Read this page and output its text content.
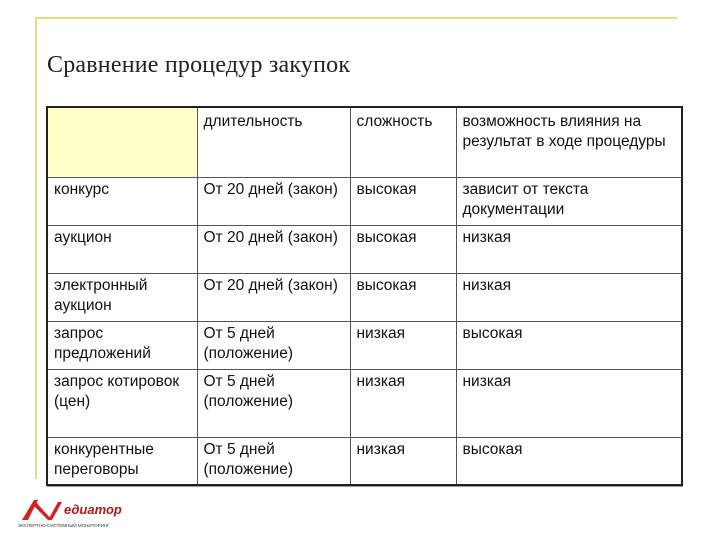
Сравнение процедур закупок
	длительность	сложность	возможность влияния на результат в ходе процедуры
конкурс	От 20 дней (закон)	высокая	зависит от текста документации
аукцион	От 20 дней (закон)	высокая	низкая
электронный аукцион	От 20 дней (закон)	высокая	низкая
запрос предложений	От 5 дней (положение)	низкая	высокая
запрос котировок (цен)	От 5 дней (положение)	низкая	низкая
конкурентные переговоры	От 5 дней (положение)	низкая	высокая
едиатор
ЭКСПЕРТНО-СИСТЕМНЫЙ МОНИТОРИНГ
